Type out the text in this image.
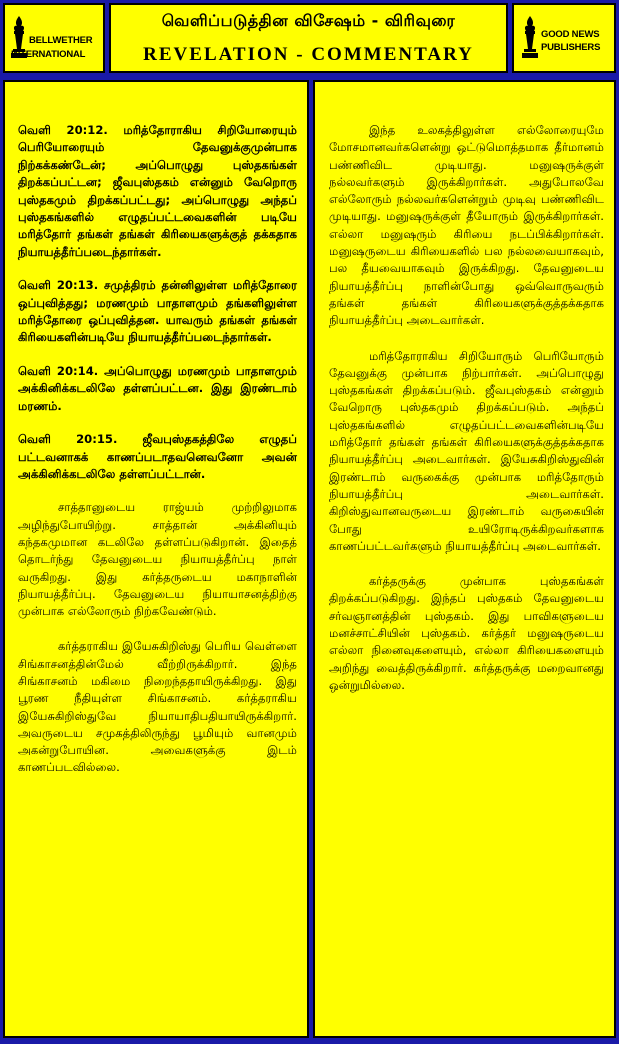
BELLWETHER
INTERNATIONAL
வெளிப்படுத்தின விசேஷம் - விரிவுரை
REVELATION - COMMENTARY
GOOD NEWS
PUBLISHERS

வெளி 20:12. மரித்தோராகிய சிறியோரையும் பெரியோரையும் தேவனுக்குமுன்பாக நிற்கக்கண்டேன்; அப்பொழுது புஸ்தகங்கள் திறக்கப்பட்டன; ஜீவபுஸ்தகம் என்னும் வேறொரு புஸ்தகமும் திறக்கப்பட்டது; அப்பொழுது அந்தப் புஸ்தகங்களில் எழுதப்பட்டவைகளின் படியே மரித்தோர் தங்கள் தங்கள் கிரியைகளுக்குத் தக்கதாக நியாயத்தீர்ப்படைந்தார்கள்.

வெளி 20:13. சமுத்திரம் தன்னிலுள்ள மரித்தோரை ஒப்புவித்தது; மரணமும் பாதாளமும் தங்களிலுள்ள மரித்தோரை ஒப்புவித்தன. யாவரும் தங்கள் தங்கள் கிரியைகளின்படியே நியாயத்தீர்ப்படைந்தார்கள்.

வெளி 20:14. அப்பொழுது மரணமும் பாதாளமும் அக்கினிக்கடலிலே தள்ளப்பட்டன. இது இரண்டாம் மரணம்.

வெளி 20:15. ஜீவபுஸ்தகத்திலே எழுதப் பட்டவனாகக் காணப்படாதவனெவனோ அவன் அக்கினிக்கடலிலே தள்ளப்பட்டான்.

சாத்தானுடைய ராஜ்யம் முற்றிலுமாக அழிந்துபோயிற்று. சாத்தான் அக்கினியும் கந்தகமுமான கடலிலே தள்ளப்படுகிறான். இதைத் தொடர்ந்து தேவனுடைய நியாயத்தீர்ப்பு நாள் வருகிறது. இது கர்த்தருடைய மகாநாளின் நியாயத்தீர்ப்பு. தேவனுடைய நியாயாசனத்திற்கு முன்பாக எல்லோரும் நிற்கவேண்டும்.

கர்த்தராகிய இயேசுகிறிஸ்து பெரிய வெள்ளை சிங்காசனத்தின்மேல் வீற்றிருக்கிறார். இந்த சிங்காசனம் மகிமை நிறைந்ததாயிருக்கிறது. இது பூரண நீதியுள்ள சிங்காசனம். கர்த்தராகிய இயேசுகிறிஸ்துவே நியாயாதிபதியாயிருக்கிறார். அவருடைய சமுகத்திலிருந்து பூமியும் வானமும் அகன்றுபோயின. அவைகளுக்கு இடம் காணப்படவில்லை.

இந்த உலகத்திலுள்ள எல்லோரையுமே மோசமானவர்களென்று ஒட்டுமொத்தமாக தீர்மானம் பண்ணிவிட முடியாது. மனுஷருக்குள் நல்லவர்களும் இருக்கிறார்கள். அதுபோலவே எல்லோரும் நல்லவர்களென்றும் முடிவு பண்ணிவிட முடியாது. மனுஷருக்குள் தீயோரும் இருக்கிறார்கள். எல்லா மனுஷரும் கிரியை நடப்பிக்கிறார்கள். மனுஷருடைய கிரியைகளில் பல நல்லவையாகவும், பல தீயவையாகவும் இருக்கிறது. தேவனுடைய நியாயத்தீர்ப்பு நாளின்போது ஒவ்வொருவரும் தங்கள் தங்கள் கிரியைகளுக்குத்தக்கதாக நியாயத்தீர்ப்பு அடைவார்கள்.

மரித்தோராகிய சிறியோரும் பெரியோரும் தேவனுக்கு முன்பாக நிற்பார்கள். அப்பொழுது புஸ்தகங்கள் திறக்கப்படும். ஜீவபுஸ்தகம் என்னும் வேறொரு புஸ்தகமும் திறக்கப்படும். அந்தப் புஸ்தகங்களில் எழுதப்பட்டவைகளின்படியே மரித்தோர் தங்கள் தங்கள் கிரியைகளுக்குத்தக்கதாக நியாயத்தீர்ப்பு அடைவார்கள். இயேசுகிறிஸ்துவின் இரண்டாம் வருகைக்கு முன்பாக மரித்தோரும் நியாயத்தீர்ப்பு அடைவார்கள். கிறிஸ்துவானவருடைய இரண்டாம் வருகையின் போது உயிரோடிருக்கிறவர்களாக காணப்பட்டவர்களும் நியாயத்தீர்ப்பு அடைவார்கள்.

கர்த்தருக்கு முன்பாக புஸ்தகங்கள் திறக்கப்படுகிறது. இந்தப் புஸ்தகம் தேவனுடைய சர்வஞானத்தின் புஸ்தகம். இது பாவிகளுடைய மனச்சாட்சியின் புஸ்தகம். கர்த்தர் மனுஷருடைய எல்லா நினைவுகளையும், எல்லா கிரியைகளையும் அறிந்து வைத்திருக்கிறார். கர்த்தருக்கு மறைவானது ஒன்றுமில்லை.
